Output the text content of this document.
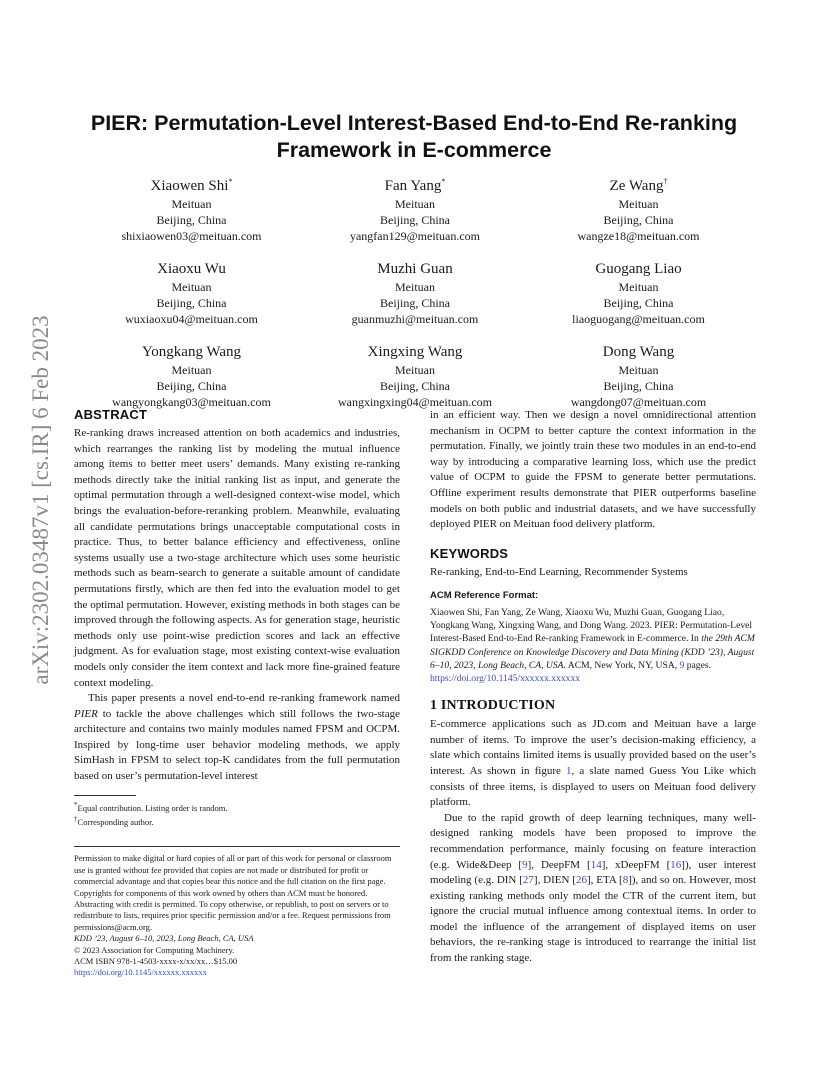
arXiv:2302.03487v1 [cs.IR] 6 Feb 2023
PIER: Permutation-Level Interest-Based End-to-End Re-ranking Framework in E-commerce
Xiaowen Shi*
Meituan
Beijing, China
shixiaowen03@meituan.com
Fan Yang*
Meituan
Beijing, China
yangfan129@meituan.com
Ze Wang†
Meituan
Beijing, China
wangze18@meituan.com
Xiaoxu Wu
Meituan
Beijing, China
wuxiaoxu04@meituan.com
Muzhi Guan
Meituan
Beijing, China
guanmuzhi@meituan.com
Guogang Liao
Meituan
Beijing, China
liaoguogang@meituan.com
Yongkang Wang
Meituan
Beijing, China
wangyongkang03@meituan.com
Xingxing Wang
Meituan
Beijing, China
wangxingxing04@meituan.com
Dong Wang
Meituan
Beijing, China
wangdong07@meituan.com
ABSTRACT

Re-ranking draws increased attention on both academics and industries, which rearranges the ranking list by modeling the mutual influence among items to better meet users’ demands. Many existing re-ranking methods directly take the initial ranking list as input, and generate the optimal permutation through a well-designed context-wise model, which brings the evaluation-before-reranking problem. Meanwhile, evaluating all candidate permutations brings unacceptable computational costs in practice. Thus, to better balance efficiency and effectiveness, online systems usually use a two-stage architecture which uses some heuristic methods such as beam-search to generate a suitable amount of candidate permutations firstly, which are then fed into the evaluation model to get the optimal permutation. However, existing methods in both stages can be improved through the following aspects. As for generation stage, heuristic methods only use point-wise prediction scores and lack an effective judgment. As for evaluation stage, most existing context-wise evaluation models only consider the item context and lack more fine-grained feature context modeling.

This paper presents a novel end-to-end re-ranking framework named PIER to tackle the above challenges which still follows the two-stage architecture and contains two mainly modules named FPSM and OCPM. Inspired by long-time user behavior modeling methods, we apply SimHash in FPSM to select top-K candidates from the full permutation based on user’s permutation-level interest

*Equal contribution. Listing order is random.
†Corresponding author.
Permission to make digital or hard copies of all or part of this work for personal or classroom use is granted without fee provided that copies are not made or distributed for profit or commercial advantage and that copies bear this notice and the full citation on the first page. Copyrights for components of this work owned by others than ACM must be honored. Abstracting with credit is permitted. To copy otherwise, or republish, to post on servers or to redistribute to lists, requires prior specific permission and/or a fee. Request permissions from permissions@acm.org.
KDD ’23, August 6–10, 2023, Long Beach, CA, USA
© 2023 Association for Computing Machinery.
ACM ISBN 978-1-4503-xxxx-x/xx/xx…$15.00
https://doi.org/10.1145/xxxxxx.xxxxxx

in an efficient way. Then we design a novel omnidirectional attention mechanism in OCPM to better capture the context information in the permutation. Finally, we jointly train these two modules in an end-to-end way by introducing a comparative learning loss, which use the predict value of OCPM to guide the FPSM to generate better permutations. Offline experiment results demonstrate that PIER outperforms baseline models on both public and industrial datasets, and we have successfully deployed PIER on Meituan food delivery platform.

KEYWORDS

Re-ranking, End-to-End Learning, Recommender Systems

ACM Reference Format:

Xiaowen Shi, Fan Yang, Ze Wang, Xiaoxu Wu, Muzhi Guan, Guogang Liao, Yongkang Wang, Xingxing Wang, and Dong Wang. 2023. PIER: Permutation-Level Interest-Based End-to-End Re-ranking Framework in E-commerce. In the 29th ACM SIGKDD Conference on Knowledge Discovery and Data Mining (KDD ’23), August 6–10, 2023, Long Beach, CA, USA. ACM, New York, NY, USA, 9 pages. https://doi.org/10.1145/xxxxxx.xxxxxx

1 INTRODUCTION

E-commerce applications such as JD.com and Meituan have a large number of items. To improve the user’s decision-making efficiency, a slate which contains limited items is usually provided based on the user’s interest. As shown in figure 1, a slate named Guess You Like which consists of three items, is displayed to users on Meituan food delivery platform.

Due to the rapid growth of deep learning techniques, many well-designed ranking models have been proposed to improve the recommendation performance, mainly focusing on feature interaction (e.g. Wide&Deep [9], DeepFM [14], xDeepFM [16]), user interest modeling (e.g. DIN [27], DIEN [26], ETA [8]), and so on. However, most existing ranking methods only model the CTR of the current item, but ignore the crucial mutual influence among contextual items. In order to model the influence of the arrangement of displayed items on user behaviors, the re-ranking stage is introduced to rearrange the initial list from the ranking stage.
